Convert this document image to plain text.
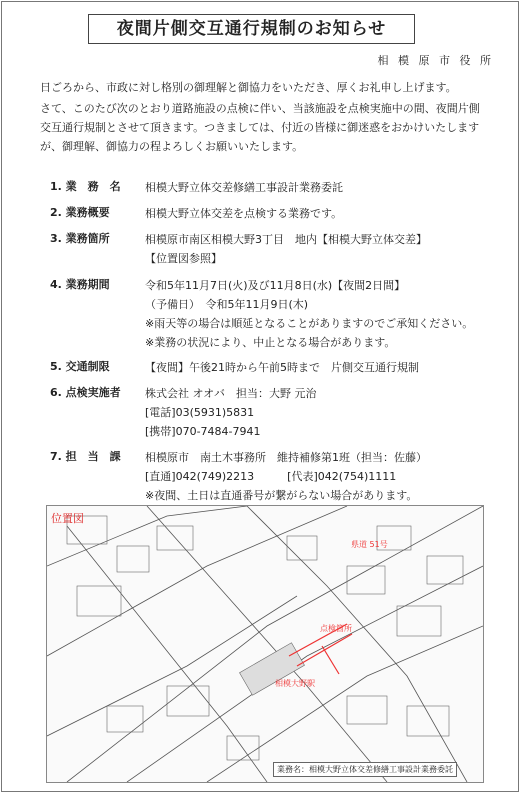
夜間片側交互通行規制のお知らせ
相 模 原 市 役 所
日ごろから、市政に対し格別の御理解と御協力をいただき、厚くお礼申し上げます。
さて、このたび次のとおり道路施設の点検に伴い、当該施設を点検実施中の間、夜間片側交互通行規制とさせて頂きます。つきましては、付近の皆様に御迷惑をおかけいたしますが、御理解、御協力の程よろしくお願いいたします。
1. 業　務　名	相模大野立体交差修繕工事設計業務委託
2. 業務概要	相模大野立体交差を点検する業務です。
3. 業務箇所	相模原市南区相模大野3丁目　地内【相模大野立体交差】
【位置図参照】
4. 業務期間	令和5年11月7日(火)及び11月8日(水)【夜間2日間】
（予備日）　令和5年11月9日(木)
※雨天等の場合は順延となることがありますのでご承知ください。
※業務の状況により、中止となる場合があります。
5. 交通制限	【夜間】午後21時から午前5時まで　片側交互通行規制
6. 点検実施者	株式会社 オオバ　担当：大野 元治
[電話]03(5931)5831
[携帯]070-7484-7941
7. 担　当　課	相模原市　南土木事務所　維持補修第1班（担当：佐藤）
[直通]042(749)2213　　　[代表]042(754)1111
※夜間、土日は直通番号が繋がらない場合があります。
位置図
県道 51号
点検箇所
相模大野駅
業務名：相模大野立体交差修繕工事設計業務委託
